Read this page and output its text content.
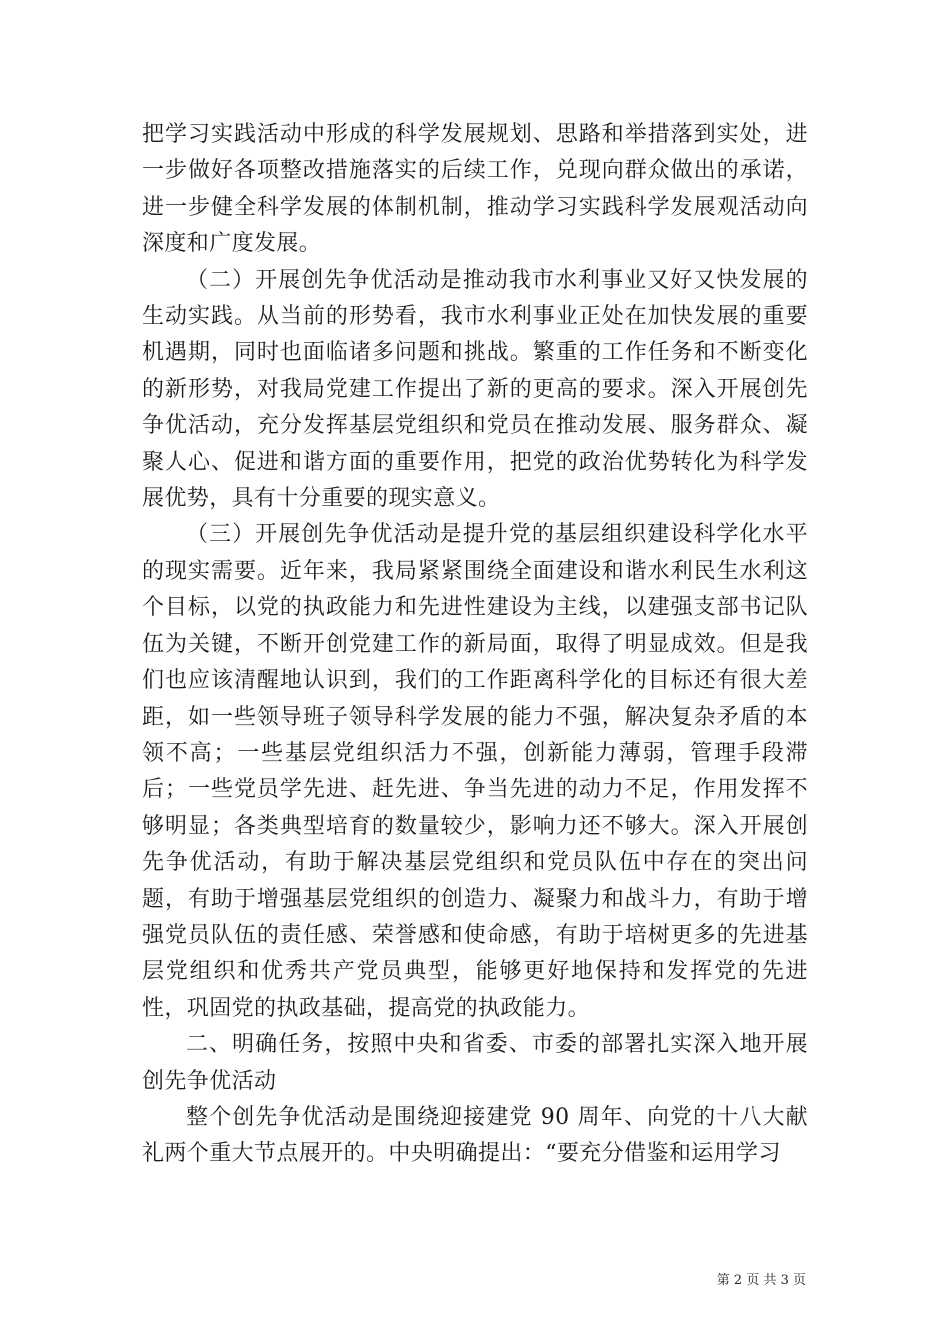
把学习实践活动中形成的科学发展规划、思路和举措落到实处，进一步做好各项整改措施落实的后续工作，兑现向群众做出的承诺，进一步健全科学发展的体制机制，推动学习实践科学发展观活动向深度和广度发展。

（二）开展创先争优活动是推动我市水利事业又好又快发展的生动实践。从当前的形势看，我市水利事业正处在加快发展的重要机遇期，同时也面临诸多问题和挑战。繁重的工作任务和不断变化的新形势，对我局党建工作提出了新的更高的要求。深入开展创先争优活动，充分发挥基层党组织和党员在推动发展、服务群众、凝聚人心、促进和谐方面的重要作用，把党的政治优势转化为科学发展优势，具有十分重要的现实意义。

（三）开展创先争优活动是提升党的基层组织建设科学化水平的现实需要。近年来，我局紧紧围绕全面建设和谐水利民生水利这个目标，以党的执政能力和先进性建设为主线，以建强支部书记队伍为关键，不断开创党建工作的新局面，取得了明显成效。但是我们也应该清醒地认识到，我们的工作距离科学化的目标还有很大差距，如一些领导班子领导科学发展的能力不强，解决复杂矛盾的本领不高；一些基层党组织活力不强，创新能力薄弱，管理手段滞后；一些党员学先进、赶先进、争当先进的动力不足，作用发挥不够明显；各类典型培育的数量较少，影响力还不够大。深入开展创先争优活动，有助于解决基层党组织和党员队伍中存在的突出问题，有助于增强基层党组织的创造力、凝聚力和战斗力，有助于增强党员队伍的责任感、荣誉感和使命感，有助于培树更多的先进基层党组织和优秀共产党员典型，能够更好地保持和发挥党的先进性，巩固党的执政基础，提高党的执政能力。

二、明确任务，按照中央和省委、市委的部署扎实深入地开展创先争优活动

整个创先争优活动是围绕迎接建党 90 周年、向党的十八大献礼两个重大节点展开的。中央明确提出：“要充分借鉴和运用学习

第 2 页 共 3 页
